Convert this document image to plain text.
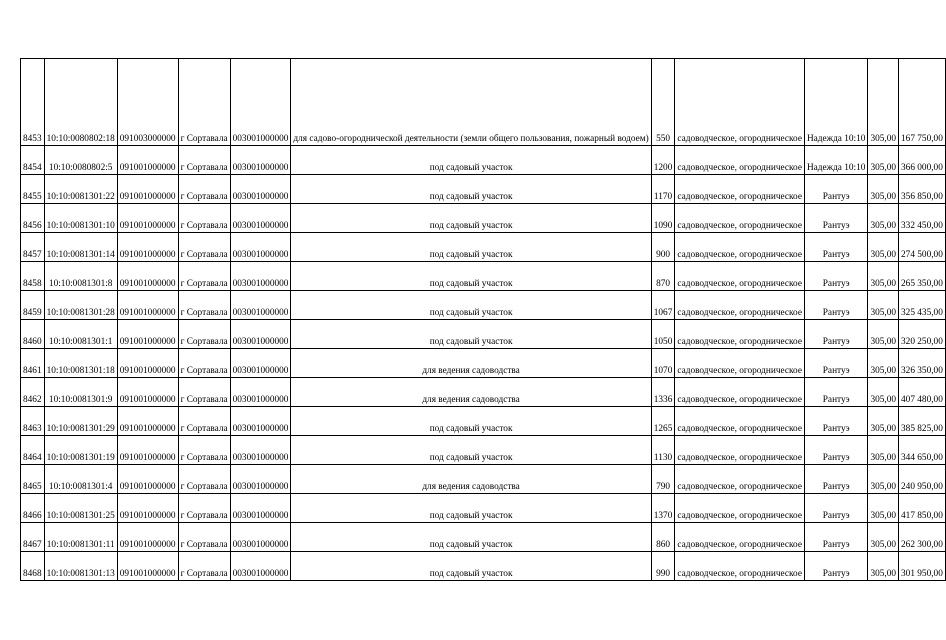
8453	10:10:0080802:18	091003000000	г Сортавала	003001000000	для садово-огороднической деятельности (земли общего пользования, пожарный водоем)	550	садоводческое, огородническое	Надежда 10:10	305,00	167 750,00
8454	10:10:0080802:5	091001000000	г Сортавала	003001000000	под садовый участок	1200	садоводческое, огородническое	Надежда 10:10	305,00	366 000,00
8455	10:10:0081301:22	091001000000	г Сортавала	003001000000	под садовый участок	1170	садоводческое, огородническое	Рантуэ	305,00	356 850,00
8456	10:10:0081301:10	091001000000	г Сортавала	003001000000	под садовый участок	1090	садоводческое, огородническое	Рантуэ	305,00	332 450,00
8457	10:10:0081301:14	091001000000	г Сортавала	003001000000	под садовый участок	900	садоводческое, огородническое	Рантуэ	305,00	274 500,00
8458	10:10:0081301:8	091001000000	г Сортавала	003001000000	под садовый участок	870	садоводческое, огородническое	Рантуэ	305,00	265 350,00
8459	10:10:0081301:28	091001000000	г Сортавала	003001000000	под садовый участок	1067	садоводческое, огородническое	Рантуэ	305,00	325 435,00
8460	10:10:0081301:1	091001000000	г Сортавала	003001000000	под садовый участок	1050	садоводческое, огородническое	Рантуэ	305,00	320 250,00
8461	10:10:0081301:18	091001000000	г Сортавала	003001000000	для ведения садоводства	1070	садоводческое, огородническое	Рантуэ	305,00	326 350,00
8462	10:10:0081301:9	091001000000	г Сортавала	003001000000	для ведения садоводства	1336	садоводческое, огородническое	Рантуэ	305,00	407 480,00
8463	10:10:0081301:29	091001000000	г Сортавала	003001000000	под садовый участок	1265	садоводческое, огородническое	Рантуэ	305,00	385 825,00
8464	10:10:0081301:19	091001000000	г Сортавала	003001000000	под садовый участок	1130	садоводческое, огородническое	Рантуэ	305,00	344 650,00
8465	10:10:0081301:4	091001000000	г Сортавала	003001000000	для ведения садоводства	790	садоводческое, огородническое	Рантуэ	305,00	240 950,00
8466	10:10:0081301:25	091001000000	г Сортавала	003001000000	под садовый участок	1370	садоводческое, огородническое	Рантуэ	305,00	417 850,00
8467	10:10:0081301:11	091001000000	г Сортавала	003001000000	под садовый участок	860	садоводческое, огородническое	Рантуэ	305,00	262 300,00
8468	10:10:0081301:13	091001000000	г Сортавала	003001000000	под садовый участок	990	садоводческое, огородническое	Рантуэ	305,00	301 950,00
